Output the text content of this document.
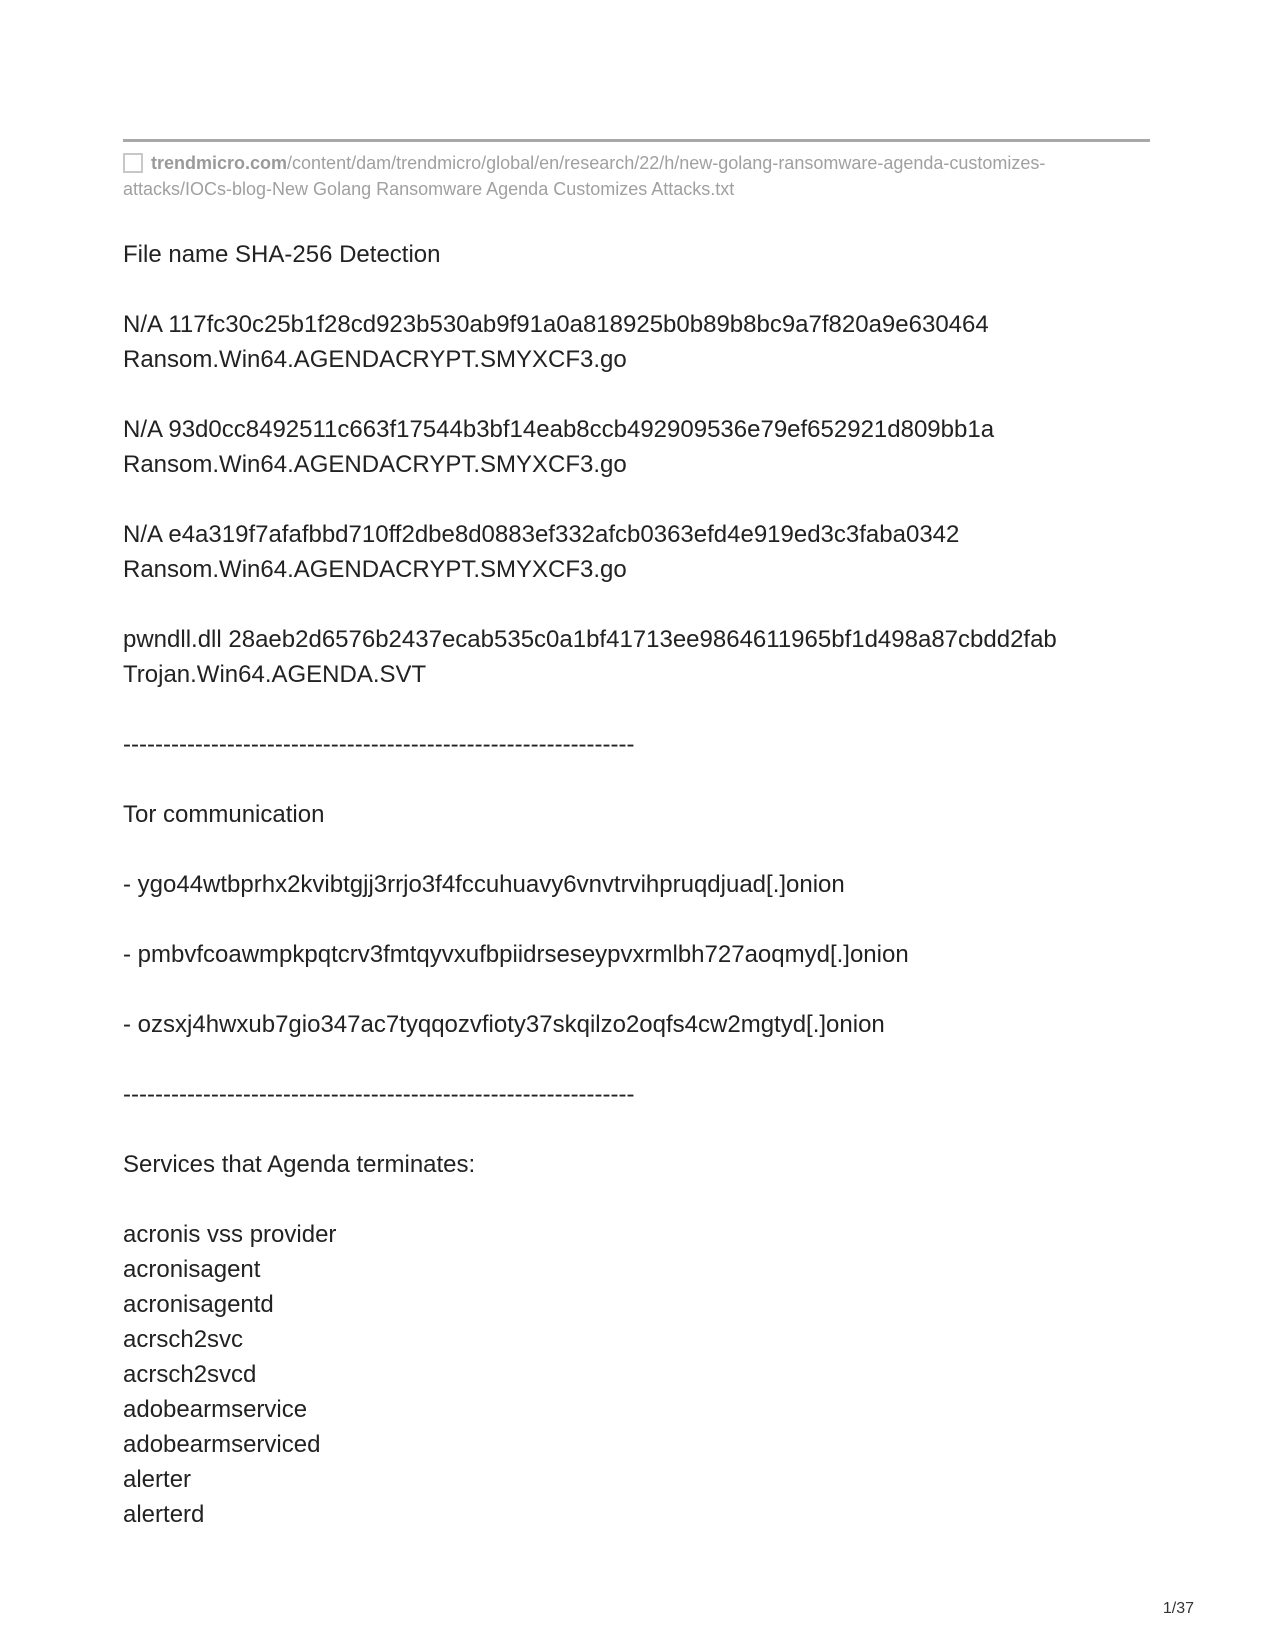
trendmicro.com/content/dam/trendmicro/global/en/research/22/h/new-golang-ransomware-agenda-customizes-
attacks/IOCs-blog-New Golang Ransomware Agenda Customizes Attacks.txt
File name SHA-256 Detection
N/A 117fc30c25b1f28cd923b530ab9f91a0a818925b0b89b8bc9a7f820a9e630464
Ransom.Win64.AGENDACRYPT.SMYXCF3.go
N/A 93d0cc8492511c663f17544b3bf14eab8ccb492909536e79ef652921d809bb1a
Ransom.Win64.AGENDACRYPT.SMYXCF3.go
N/A e4a319f7afafbbd710ff2dbe8d0883ef332afcb0363efd4e919ed3c3faba0342
Ransom.Win64.AGENDACRYPT.SMYXCF3.go
pwndll.dll 28aeb2d6576b2437ecab535c0a1bf41713ee9864611965bf1d498a87cbdd2fab
Trojan.Win64.AGENDA.SVT
----------------------------------------------------------------
Tor communication
- ygo44wtbprhx2kvibtgjj3rrjo3f4fccuhuavy6vnvtrvihpruqdjuad[.]onion
- pmbvfcoawmpkpqtcrv3fmtqyvxufbpiidrseseypvxrmlbh727aoqmyd[.]onion
- ozsxj4hwxub7gio347ac7tyqqozvfioty37skqilzo2oqfs4cw2mgtyd[.]onion
----------------------------------------------------------------
Services that Agenda terminates:
acronis vss provider
acronisagent
acronisagentd
acrsch2svc
acrsch2svcd
adobearmservice
adobearmserviced
alerter
alerterd
1/37
